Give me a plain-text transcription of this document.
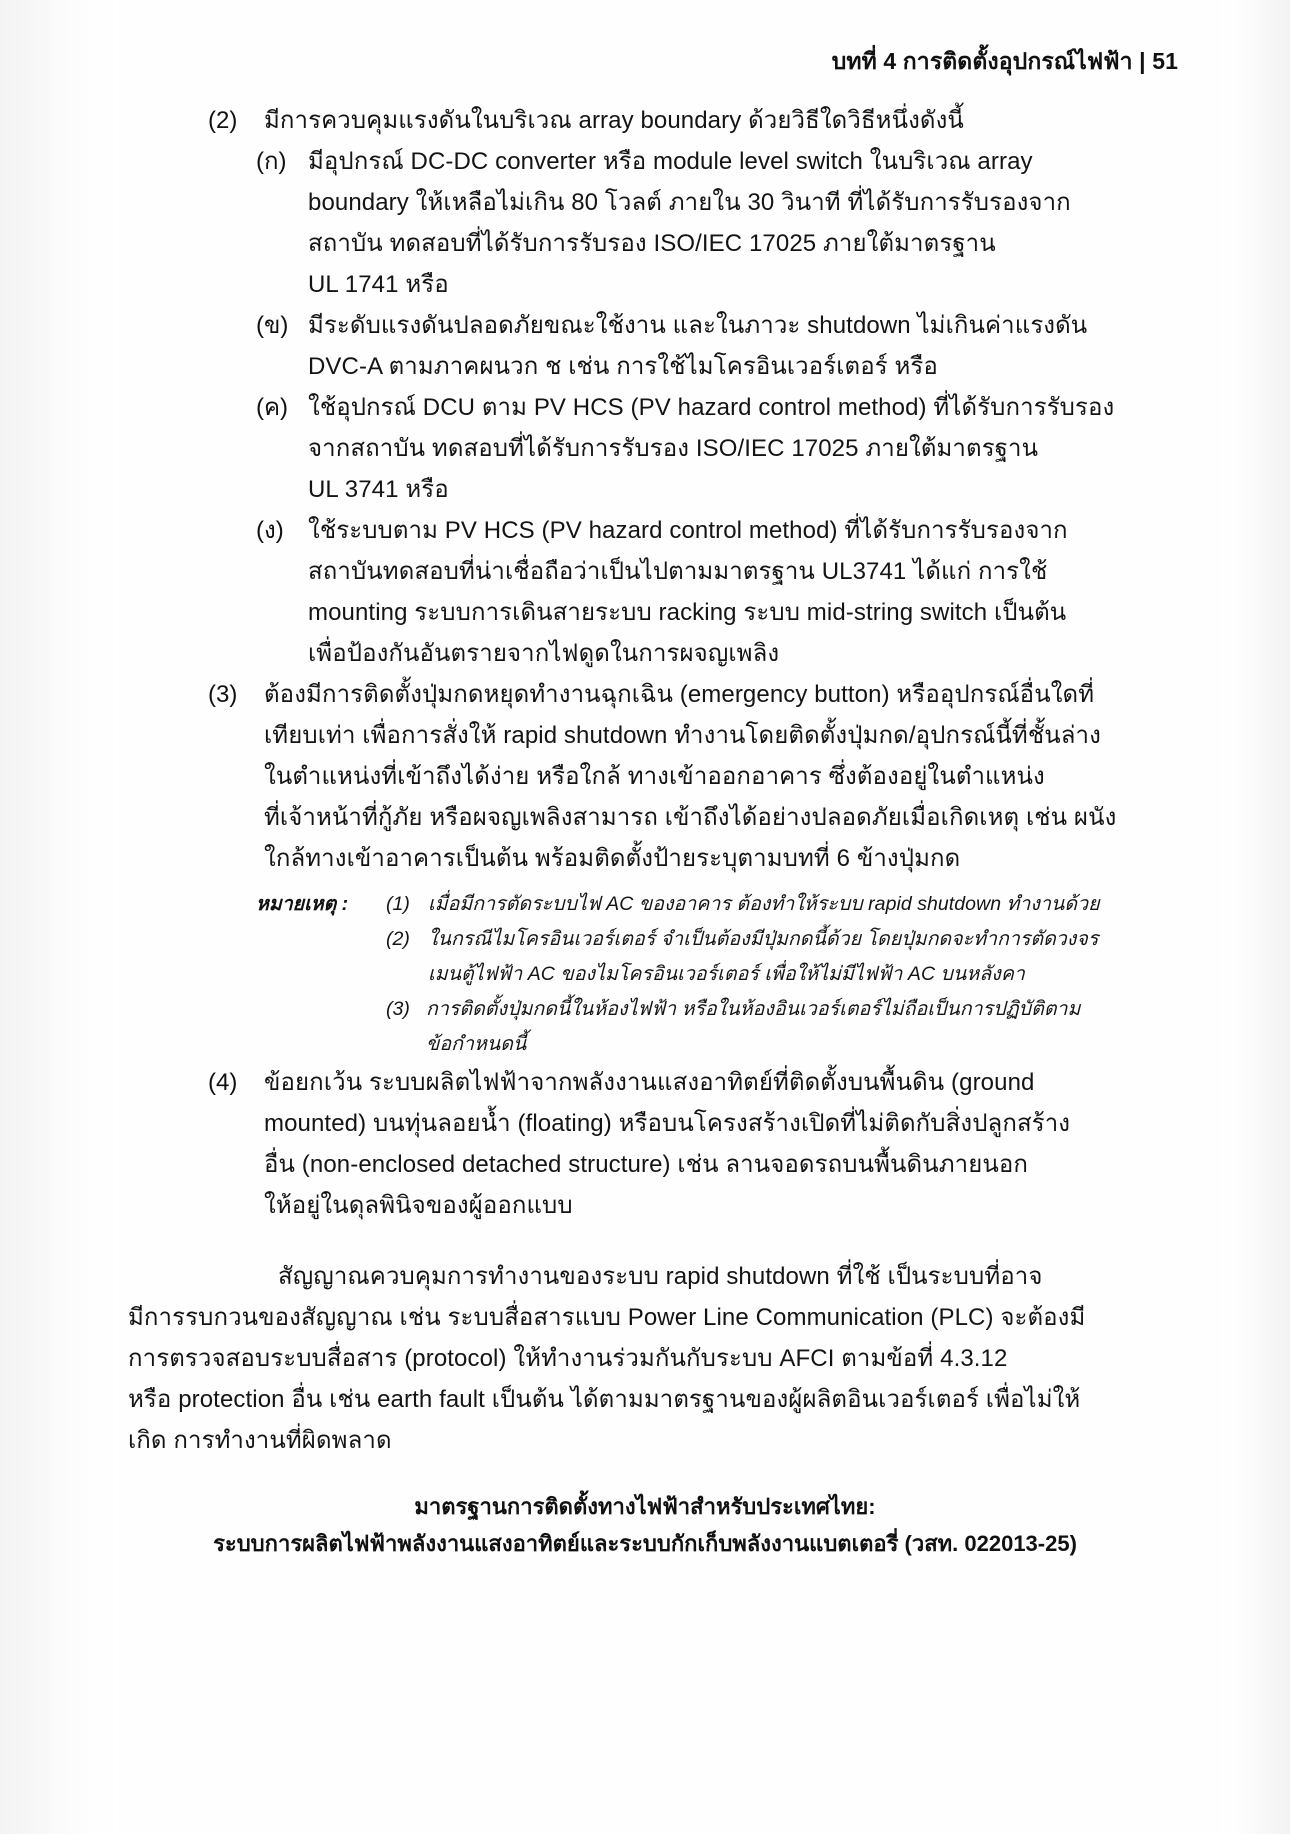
บทที่ 4 การติดตั้งอุปกรณ์ไฟฟ้า | 51
(2)	มีการควบคุมแรงดันในบริเวณ array boundary ด้วยวิธีใดวิธีหนึ่งดังนี้
(ก) มีอุปกรณ์ DC-DC converter หรือ module level switch ในบริเวณ array
boundary ให้เหลือไม่เกิน 80 โวลต์ ภายใน 30 วินาที ที่ได้รับการรับรองจาก
สถาบัน ทดสอบที่ได้รับการรับรอง ISO/IEC 17025 ภายใต้มาตรฐาน
UL 1741 หรือ
(ข) มีระดับแรงดันปลอดภัยขณะใช้งาน และในภาวะ shutdown ไม่เกินค่าแรงดัน
DVC-A ตามภาคผนวก ช เช่น การใช้ไมโครอินเวอร์เตอร์ หรือ
(ค) ใช้อุปกรณ์ DCU ตาม PV HCS (PV hazard control method) ที่ได้รับการรับรอง
จากสถาบัน ทดสอบที่ได้รับการรับรอง ISO/IEC 17025 ภายใต้มาตรฐาน
UL 3741 หรือ
(ง)	ใช้ระบบตาม PV HCS (PV hazard control method) ที่ได้รับการรับรองจาก
สถาบันทดสอบที่น่าเชื่อถือว่าเป็นไปตามมาตรฐาน UL3741 ได้แก่ การใช้
mounting ระบบการเดินสายระบบ racking ระบบ mid-string switch เป็นต้น
เพื่อป้องกันอันตรายจากไฟดูดในการผจญเพลิง
(3)	ต้องมีการติดตั้งปุ่มกดหยุดทำงานฉุกเฉิน (emergency button) หรืออุปกรณ์อื่นใดที่
เทียบเท่า เพื่อการสั่งให้ rapid shutdown ทำงานโดยติดตั้งปุ่มกด/อุปกรณ์นี้ที่ชั้นล่าง
ในตำแหน่งที่เข้าถึงได้ง่าย หรือใกล้ ทางเข้าออกอาคาร ซึ่งต้องอยู่ในตำแหน่ง
ที่เจ้าหน้าที่กู้ภัย หรือผจญเพลิงสามารถ เข้าถึงได้อย่างปลอดภัยเมื่อเกิดเหตุ เช่น ผนัง
ใกล้ทางเข้าอาคารเป็นต้น พร้อมติดตั้งป้ายระบุตามบทที่ 6 ข้างปุ่มกด
หมายเหตุ :	(1) เมื่อมีการตัดระบบไฟ AC ของอาคาร ต้องทำให้ระบบ rapid shutdown ทำงานด้วย
(2) ในกรณีไมโครอินเวอร์เตอร์ จำเป็นต้องมีปุ่มกดนี้ด้วย โดยปุ่มกดจะทำการตัดวงจร
เมนตู้ไฟฟ้า AC ของไมโครอินเวอร์เตอร์ เพื่อให้ไม่มีไฟฟ้า AC บนหลังคา
(3) การติดตั้งปุ่มกดนี้ในห้องไฟฟ้า หรือในห้องอินเวอร์เตอร์ไม่ถือเป็นการปฏิบัติตาม
ข้อกำหนดนี้
(4)	ข้อยกเว้น ระบบผลิตไฟฟ้าจากพลังงานแสงอาทิตย์ที่ติดตั้งบนพื้นดิน (ground
mounted) บนทุ่นลอยน้ำ (floating) หรือบนโครงสร้างเปิดที่ไม่ติดกับสิ่งปลูกสร้าง
อื่น (non-enclosed detached structure) เช่น ลานจอดรถบนพื้นดินภายนอก
ให้อยู่ในดุลพินิจของผู้ออกแบบ
สัญญาณควบคุมการทำงานของระบบ rapid shutdown ที่ใช้ เป็นระบบที่อาจ
มีการรบกวนของสัญญาณ เช่น ระบบสื่อสารแบบ Power Line Communication (PLC) จะต้องมี
การตรวจสอบระบบสื่อสาร (protocol) ให้ทำงานร่วมกันกับระบบ AFCI ตามข้อที่ 4.3.12
หรือ protection อื่น เช่น earth fault เป็นต้น ได้ตามมาตรฐานของผู้ผลิตอินเวอร์เตอร์ เพื่อไม่ให้
เกิด การทำงานที่ผิดพลาด
มาตรฐานการติดตั้งทางไฟฟ้าสำหรับประเทศไทย:
ระบบการผลิตไฟฟ้าพลังงานแสงอาทิตย์และระบบกักเก็บพลังงานแบตเตอรี่ (วสท. 022013-25)
